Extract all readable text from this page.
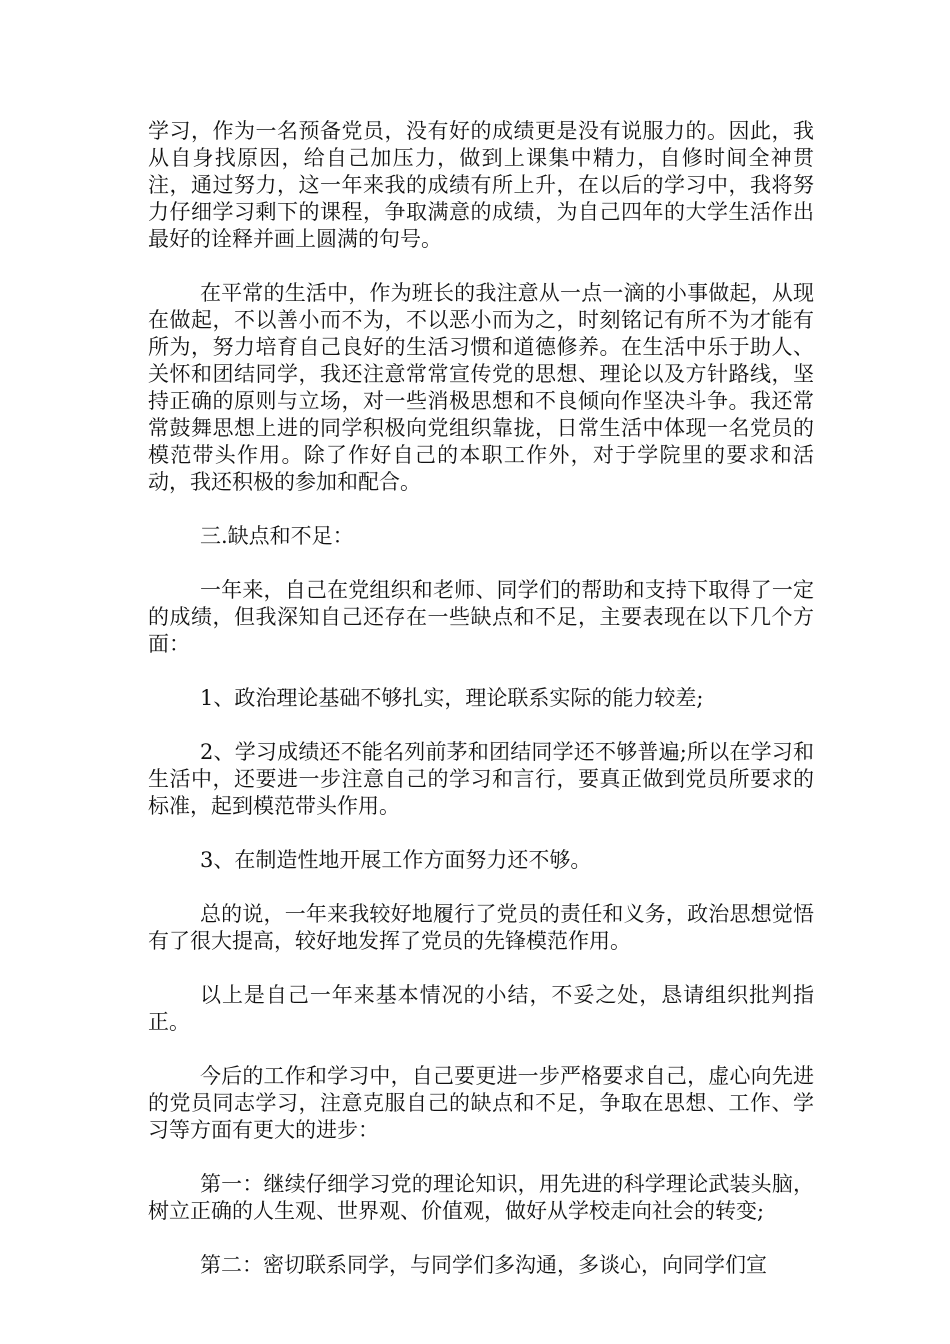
学习，作为一名预备党员，没有好的成绩更是没有说服力的。因此，我从自身找原因，给自己加压力，做到上课集中精力，自修时间全神贯注，通过努力，这一年来我的成绩有所上升，在以后的学习中，我将努力仔细学习剩下的课程，争取满意的成绩，为自己四年的大学生活作出最好的诠释并画上圆满的句号。

在平常的生活中，作为班长的我注意从一点一滴的小事做起，从现在做起，不以善小而不为，不以恶小而为之，时刻铭记有所不为才能有所为，努力培育自己良好的生活习惯和道德修养。在生活中乐于助人、关怀和团结同学，我还注意常常宣传党的思想、理论以及方针路线，坚持正确的原则与立场，对一些消极思想和不良倾向作坚决斗争。我还常常鼓舞思想上进的同学积极向党组织靠拢，日常生活中体现一名党员的模范带头作用。除了作好自己的本职工作外，对于学院里的要求和活动，我还积极的参加和配合。

三.缺点和不足：

一年来，自己在党组织和老师、同学们的帮助和支持下取得了一定的成绩，但我深知自己还存在一些缺点和不足，主要表现在以下几个方面：

1、政治理论基础不够扎实，理论联系实际的能力较差;

2、学习成绩还不能名列前茅和团结同学还不够普遍;所以在学习和生活中，还要进一步注意自己的学习和言行，要真正做到党员所要求的标准，起到模范带头作用。

3、在制造性地开展工作方面努力还不够。

总的说，一年来我较好地履行了党员的责任和义务，政治思想觉悟有了很大提高，较好地发挥了党员的先锋模范作用。

以上是自己一年来基本情况的小结，不妥之处，恳请组织批判指正。

今后的工作和学习中，自己要更进一步严格要求自己，虚心向先进的党员同志学习，注意克服自己的缺点和不足，争取在思想、工作、学习等方面有更大的进步：

第一：继续仔细学习党的理论知识，用先进的科学理论武装头脑，树立正确的人生观、世界观、价值观，做好从学校走向社会的转变;

第二：密切联系同学，与同学们多沟通，多谈心，向同学们宣
